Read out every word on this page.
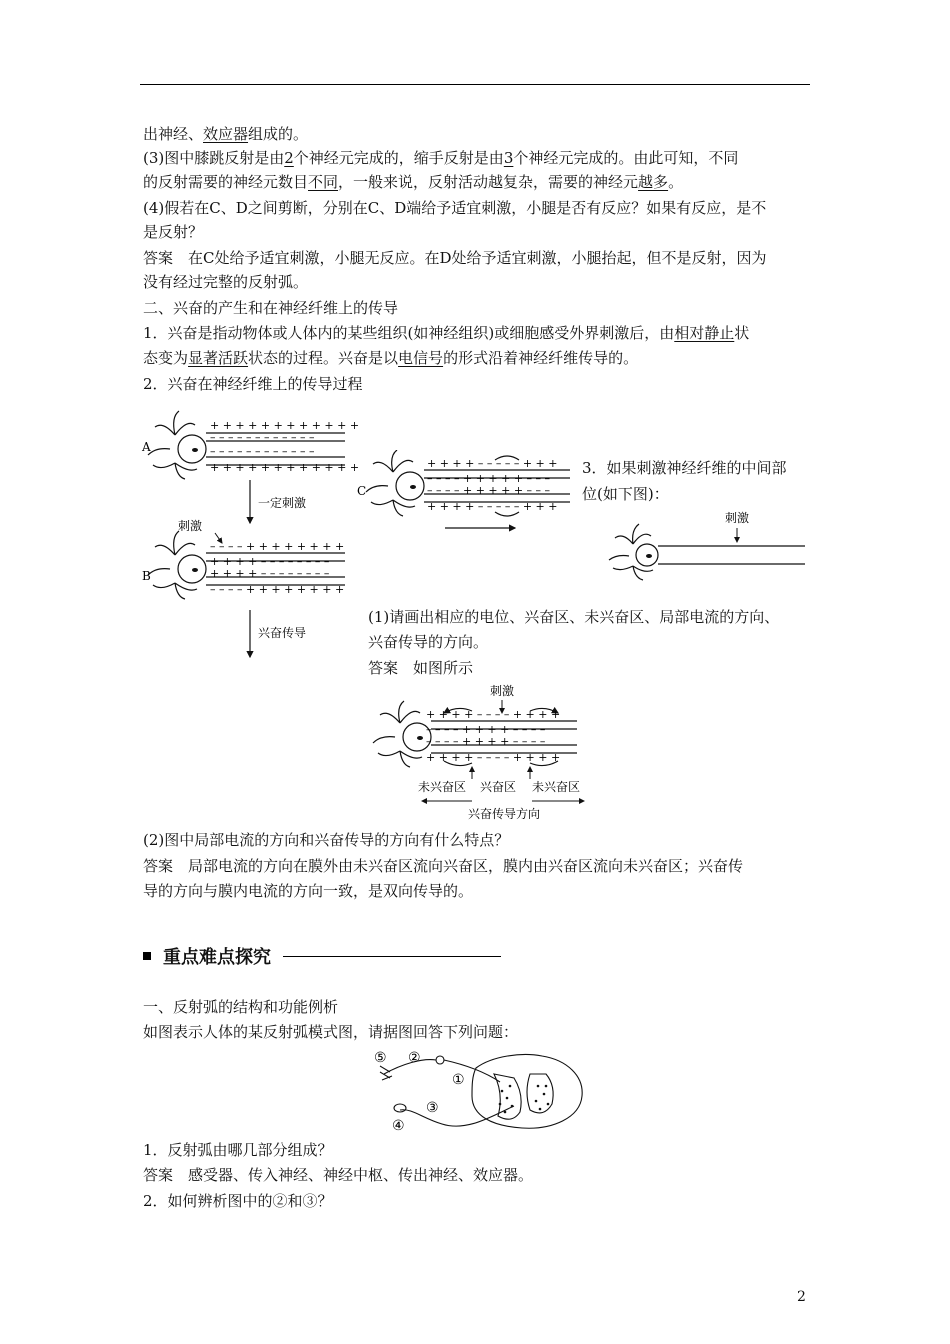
出神经、效应器组成的。
(3)图中膝跳反射是由2个神经元完成的，缩手反射是由3个神经元完成的。由此可知，不同
的反射需要的神经元数目不同，一般来说，反射活动越复杂，需要的神经元越多。
(4)假若在C、D之间剪断，分别在C、D端给予适宜刺激，小腿是否有反应？如果有反应，是不
是反射？
答案　在C处给予适宜刺激，小腿无反应。在D处给予适宜刺激，小腿抬起，但不是反射，因为
没有经过完整的反射弧。
二、兴奋的产生和在神经纤维上的传导
1．兴奋是指动物体或人体内的某些组织(如神经组织)或细胞感受外界刺激后，由相对静止状
态变为显著活跃状态的过程。兴奋是以电信号的形式沿着神经纤维传导的。
2．兴奋在神经纤维上的传导过程
A
+ + + + + + + + + + + +
– – – – – – – – – – – –
– – – – – – – – – – – –
+ + + + + + + + + + + +
一定刺激
刺激
B
– – – – + + + + + + + +
+ + + + – – – – – – – –
+ + + + – – – – – – – –
– – – – + + + + + + + +
兴奋传导
C
+ + + + – – – – – + + +
– – – – + + + + + – – –
– – – – + + + + + – – –
+ + + + – – – – – + + +
3．如果刺激神经纤维的中间部
位(如下图)：
刺激
(1)请画出相应的电位、兴奋区、未兴奋区、局部电流的方向、
兴奋传导的方向。
答案　如图所示
刺激
+ + + + – – – – + + + +
– – – – + + + + – – – –
– – – – + + + + – – – –
+ + + + – – – – + + + +
未兴奋区 兴奋区 未兴奋区
兴奋传导方向
(2)图中局部电流的方向和兴奋传导的方向有什么特点？
答案　局部电流的方向在膜外由未兴奋区流向兴奋区，膜内由兴奋区流向未兴奋区；兴奋传
导的方向与膜内电流的方向一致，是双向传导的。
重点难点探究
一、反射弧的结构和功能例析
如图表示人体的某反射弧模式图，请据图回答下列问题：
⑤ ②
①
③
④
1．反射弧由哪几部分组成？
答案　感受器、传入神经、神经中枢、传出神经、效应器。
2．如何辨析图中的②和③？
2
